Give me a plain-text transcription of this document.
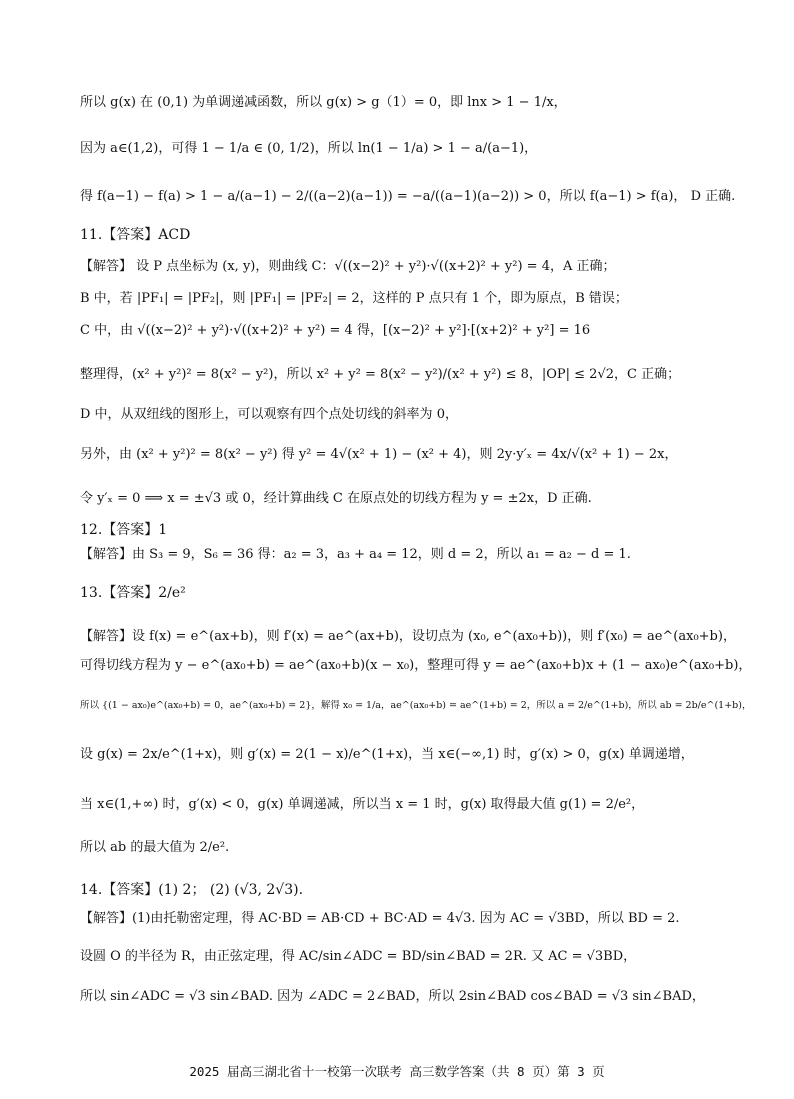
所以 g(x) 在 (0,1) 为单调递减函数，所以 g(x) > g（1）= 0，即 lnx > 1 − 1/x，
因为 a∈(1,2)，可得 1 − 1/a ∈ (0, 1/2)，所以 ln(1 − 1/a) > 1 − a/(a−1)，
得 f(a−1) − f(a) > 1 − a/(a−1) − 2/((a−2)(a−1)) = −a/((a−1)(a−2)) > 0，所以 f(a−1) > f(a)， D 正确.
11.【答案】ACD
【解答】 设 P 点坐标为 (x, y)，则曲线 C：√((x−2)² + y²)·√((x+2)² + y²) = 4，A 正确；
B 中，若 |PF₁| = |PF₂|，则 |PF₁| = |PF₂| = 2，这样的 P 点只有 1 个，即为原点，B 错误；
C 中，由 √((x−2)² + y²)·√((x+2)² + y²) = 4 得，[(x−2)² + y²]·[(x+2)² + y²] = 16
整理得，(x² + y²)² = 8(x² − y²)，所以 x² + y² = 8(x² − y²)/(x² + y²) ≤ 8，|OP| ≤ 2√2，C 正确；
D 中，从双纽线的图形上，可以观察有四个点处切线的斜率为 0，
另外，由 (x² + y²)² = 8(x² − y²) 得 y² = 4√(x² + 1) − (x² + 4)，则 2y·y′ₓ = 4x/√(x² + 1) − 2x，
令 y′ₓ = 0 ⟹ x = ±√3 或 0，经计算曲线 C 在原点处的切线方程为 y = ±2x，D 正确.
12.【答案】1
【解答】由 S₃ = 9，S₆ = 36 得：a₂ = 3，a₃ + a₄ = 12，则 d = 2，所以 a₁ = a₂ − d = 1.
13.【答案】2/e²
【解答】设 f(x) = e^(ax+b)，则 f′(x) = ae^(ax+b)，设切点为 (x₀, e^(ax₀+b))，则 f′(x₀) = ae^(ax₀+b)，
可得切线方程为 y − e^(ax₀+b) = ae^(ax₀+b)(x − x₀)，整理可得 y = ae^(ax₀+b)x + (1 − ax₀)e^(ax₀+b)，
所以 {(1 − ax₀)e^(ax₀+b) = 0，ae^(ax₀+b) = 2}，解得 x₀ = 1/a，ae^(ax₀+b) = ae^(1+b) = 2，所以 a = 2/e^(1+b)，所以 ab = 2b/e^(1+b)，
设 g(x) = 2x/e^(1+x)，则 g′(x) = 2(1 − x)/e^(1+x)，当 x∈(−∞,1) 时，g′(x) > 0，g(x) 单调递增，
当 x∈(1,+∞) 时，g′(x) < 0，g(x) 单调递减，所以当 x = 1 时，g(x) 取得最大值 g(1) = 2/e²，
所以 ab 的最大值为 2/e².
14.【答案】(1) 2； (2) (√3, 2√3).
【解答】(1)由托勒密定理，得 AC·BD = AB·CD + BC·AD = 4√3. 因为 AC = √3BD，所以 BD = 2.
设圆 O 的半径为 R，由正弦定理，得 AC/sin∠ADC = BD/sin∠BAD = 2R. 又 AC = √3BD，
所以 sin∠ADC = √3 sin∠BAD. 因为 ∠ADC = 2∠BAD，所以 2sin∠BAD cos∠BAD = √3 sin∠BAD，
2025 届高三湖北省十一校第一次联考 高三数学答案（共 8 页）第 3 页
